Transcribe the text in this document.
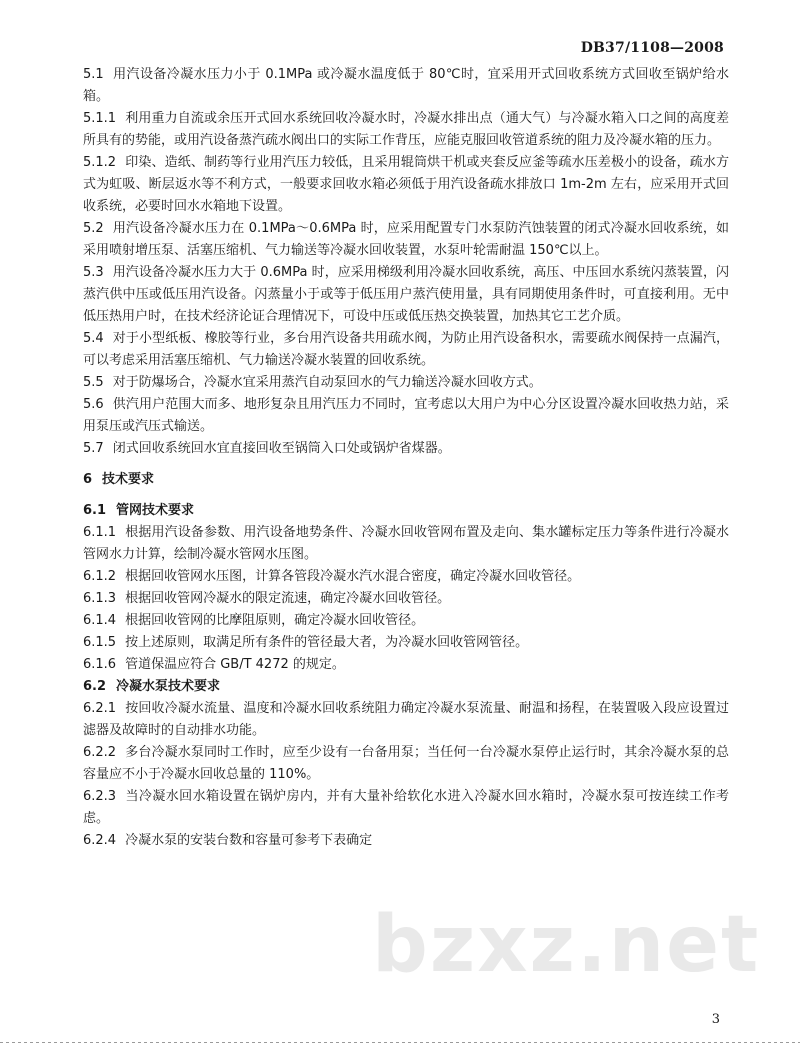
DB37/1108—2008

5.1 用汽设备冷凝水压力小于 0.1MPa 或冷凝水温度低于 80℃时，宜采用开式回收系统方式回收至锅炉给水箱。

5.1.1 利用重力自流或余压开式回水系统回收冷凝水时，冷凝水排出点（通大气）与冷凝水箱入口之间的高度差所具有的势能，或用汽设备蒸汽疏水阀出口的实际工作背压，应能克服回收管道系统的阻力及冷凝水箱的压力。

5.1.2 印染、造纸、制药等行业用汽压力较低，且采用辊筒烘干机或夹套反应釜等疏水压差极小的设备，疏水方式为虹吸、断层返水等不利方式，一般要求回收水箱必须低于用汽设备疏水排放口 1m-2m 左右，应采用开式回收系统，必要时回水水箱地下设置。

5.2 用汽设备冷凝水压力在 0.1MPa～0.6MPa 时，应采用配置专门水泵防汽蚀装置的闭式冷凝水回收系统，如采用喷射增压泵、活塞压缩机、气力输送等冷凝水回收装置，水泵叶轮需耐温 150℃以上。

5.3 用汽设备冷凝水压力大于 0.6MPa 时，应采用梯级利用冷凝水回收系统，高压、中压回水系统闪蒸装置，闪蒸汽供中压或低压用汽设备。闪蒸量小于或等于低压用户蒸汽使用量，具有同期使用条件时，可直接利用。无中低压热用户时，在技术经济论证合理情况下，可设中压或低压热交换装置，加热其它工艺介质。

5.4 对于小型纸板、橡胶等行业，多台用汽设备共用疏水阀，为防止用汽设备积水，需要疏水阀保持一点漏汽，可以考虑采用活塞压缩机、气力输送冷凝水装置的回收系统。

5.5 对于防爆场合，冷凝水宜采用蒸汽自动泵回水的气力输送冷凝水回收方式。

5.6 供汽用户范围大而多、地形复杂且用汽压力不同时，宜考虑以大用户为中心分区设置冷凝水回收热力站，采用泵压或汽压式输送。

5.7 闭式回收系统回水宜直接回收至锅筒入口处或锅炉省煤器。

6 技术要求

6.1 管网技术要求

6.1.1 根据用汽设备参数、用汽设备地势条件、冷凝水回收管网布置及走向、集水罐标定压力等条件进行冷凝水管网水力计算，绘制冷凝水管网水压图。

6.1.2 根据回收管网水压图，计算各管段冷凝水汽水混合密度，确定冷凝水回收管径。

6.1.3 根据回收管网冷凝水的限定流速，确定冷凝水回收管径。

6.1.4 根据回收管网的比摩阻原则，确定冷凝水回收管径。

6.1.5 按上述原则，取满足所有条件的管径最大者，为冷凝水回收管网管径。

6.1.6 管道保温应符合 GB/T 4272 的规定。

6.2 冷凝水泵技术要求

6.2.1 按回收冷凝水流量、温度和冷凝水回收系统阻力确定冷凝水泵流量、耐温和扬程，在装置吸入段应设置过滤器及故障时的自动排水功能。

6.2.2 多台冷凝水泵同时工作时，应至少设有一台备用泵；当任何一台冷凝水泵停止运行时，其余冷凝水泵的总容量应不小于冷凝水回收总量的 110%。

6.2.3 当冷凝水回水箱设置在锅炉房内，并有大量补给软化水进入冷凝水回水箱时，冷凝水泵可按连续工作考虑。

6.2.4 冷凝水泵的安装台数和容量可参考下表确定

bzxz.net
3
